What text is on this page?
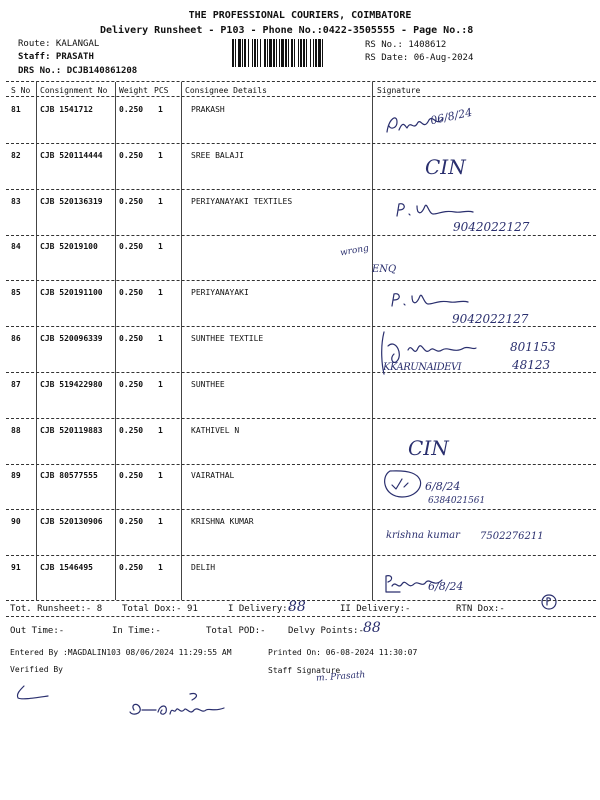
THE PROFESSIONAL COURIERS, COIMBATORE
Delivery Runsheet - P103 - Phone No.:0422-3505555 - Page No.:8
Route: KALANGAL
Staff: PRASATH
DRS No.: DCJB140861208
RS No.: 1408612
RS Date: 06-Aug-2024
S No Consignment No Weight PCS Consignee Details	Signature
81 CJB 1541712	0.250 1	PRAKASH
82 CJB 520114444 0.250 1	SREE BALAJI
83 CJB 520136319 0.250 1	PERIYANAYAKI TEXTILES
84 CJB 52019100	0.250 1
85 CJB 520191100 0.250 1	PERIYANAYAKI
86 CJB 520096339 0.250 1	SUNTHEE TEXTILE
87 CJB 519422980 0.250 1	SUNTHEE
88 CJB 520119883 0.250 1	KATHIVEL N
89 CJB 80577555	0.250 1	VAIRATHAL
90 CJB 520130906 0.250 1	KRISHNA KUMAR
91 CJB 1546495	0.250 1	DELIH
06/8/24
CIN
9042022127
wrong
ENQ
9042022127
KKARUNAIDEVI
801153
48123
CIN
6/8/24
6384021561
krishna kumar 7502276211
6/8/24
Tot. Runsheet:- 8 Total Dox:- 91	I Delivery:-
88	II Delivery:-	RTN Dox:-
Out Time:-	In Time:-	Total POD:- Delvy Points:- 88
Entered By :MAGDALIN103 08/06/2024 11:29:55 AM	Printed On: 06-08-2024 11:30:07
Verified By	Staff Signature
m. Prasath
